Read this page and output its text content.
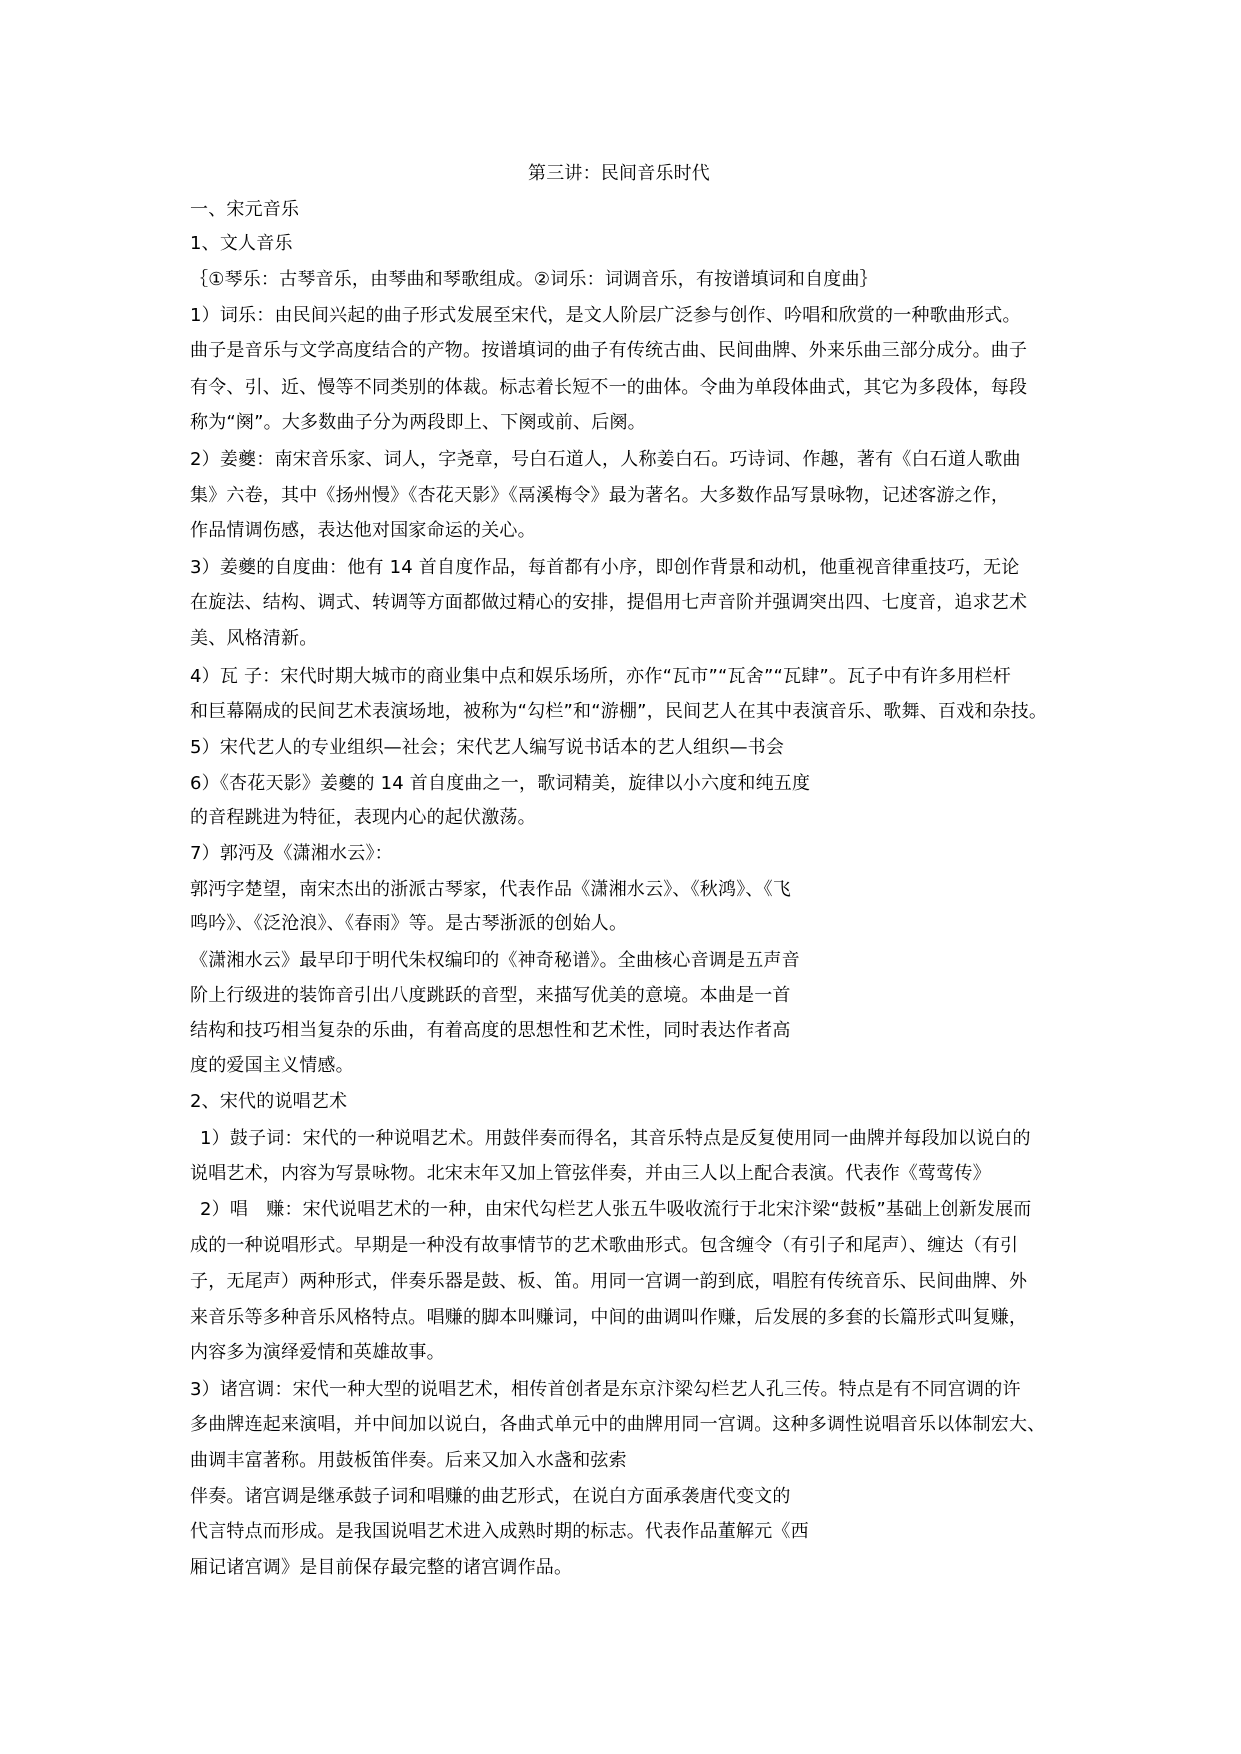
第三讲：民间音乐时代
一、宋元音乐
1、文人音乐
｛①琴乐：古琴音乐，由琴曲和琴歌组成。②词乐：词调音乐，有按谱填词和自度曲｝
1）词乐：由民间兴起的曲子形式发展至宋代，是文人阶层广泛参与创作、吟唱和欣赏的一种歌曲形式。
曲子是音乐与文学高度结合的产物。按谱填词的曲子有传统古曲、民间曲牌、外来乐曲三部分成分。曲子
有令、引、近、慢等不同类别的体裁。标志着长短不一的曲体。令曲为单段体曲式，其它为多段体，每段
称为“阕”。大多数曲子分为两段即上、下阕或前、后阕。
2）姜夔：南宋音乐家、词人，字尧章，号白石道人，人称姜白石。巧诗词、作趣，著有《白石道人歌曲
集》六卷，其中《扬州慢》《杏花天影》《鬲溪梅令》最为著名。大多数作品写景咏物，记述客游之作，
作品情调伤感，表达他对国家命运的关心。
3）姜夔的自度曲：他有 14 首自度作品，每首都有小序，即创作背景和动机，他重视音律重技巧，无论
在旋法、结构、调式、转调等方面都做过精心的安排，提倡用七声音阶并强调突出四、七度音，追求艺术
美、风格清新。
4）瓦 子：宋代时期大城市的商业集中点和娱乐场所，亦作“瓦市”“瓦舍”“瓦肆”。瓦子中有许多用栏杆
和巨幕隔成的民间艺术表演场地，被称为“勾栏”和“游棚”，民间艺人在其中表演音乐、歌舞、百戏和杂技。
5）宋代艺人的专业组织—社会；宋代艺人编写说书话本的艺人组织—书会
6）《杏花天影》姜夔的 14 首自度曲之一，歌词精美，旋律以小六度和纯五度
的音程跳进为特征，表现内心的起伏激荡。
7）郭沔及《潇湘水云》：
郭沔字楚望，南宋杰出的浙派古琴家，代表作品《潇湘水云》、《秋鸿》、《飞
鸣吟》、《泛沧浪》、《春雨》等。是古琴浙派的创始人。
《潇湘水云》最早印于明代朱权编印的《神奇秘谱》。全曲核心音调是五声音
阶上行级进的装饰音引出八度跳跃的音型，来描写优美的意境。本曲是一首
结构和技巧相当复杂的乐曲，有着高度的思想性和艺术性，同时表达作者高
度的爱国主义情感。
2、宋代的说唱艺术
1）鼓子词：宋代的一种说唱艺术。用鼓伴奏而得名，其音乐特点是反复使用同一曲牌并每段加以说白的
说唱艺术，内容为写景咏物。北宋末年又加上管弦伴奏，并由三人以上配合表演。代表作《莺莺传》
2）唱　赚：宋代说唱艺术的一种，由宋代勾栏艺人张五牛吸收流行于北宋汴梁“鼓板”基础上创新发展而
成的一种说唱形式。早期是一种没有故事情节的艺术歌曲形式。包含缠令（有引子和尾声）、缠达（有引
子，无尾声）两种形式，伴奏乐器是鼓、板、笛。用同一宫调一韵到底，唱腔有传统音乐、民间曲牌、外
来音乐等多种音乐风格特点。唱赚的脚本叫赚词，中间的曲调叫作赚，后发展的多套的长篇形式叫复赚，
内容多为演绎爱情和英雄故事。
3）诸宫调：宋代一种大型的说唱艺术，相传首创者是东京汴梁勾栏艺人孔三传。特点是有不同宫调的许
多曲牌连起来演唱，并中间加以说白，各曲式单元中的曲牌用同一宫调。这种多调性说唱音乐以体制宏大、
曲调丰富著称。用鼓板笛伴奏。后来又加入水盏和弦索
伴奏。诸宫调是继承鼓子词和唱赚的曲艺形式，在说白方面承袭唐代变文的
代言特点而形成。是我国说唱艺术进入成熟时期的标志。代表作品董解元《西
厢记诸宫调》是目前保存最完整的诸宫调作品。
